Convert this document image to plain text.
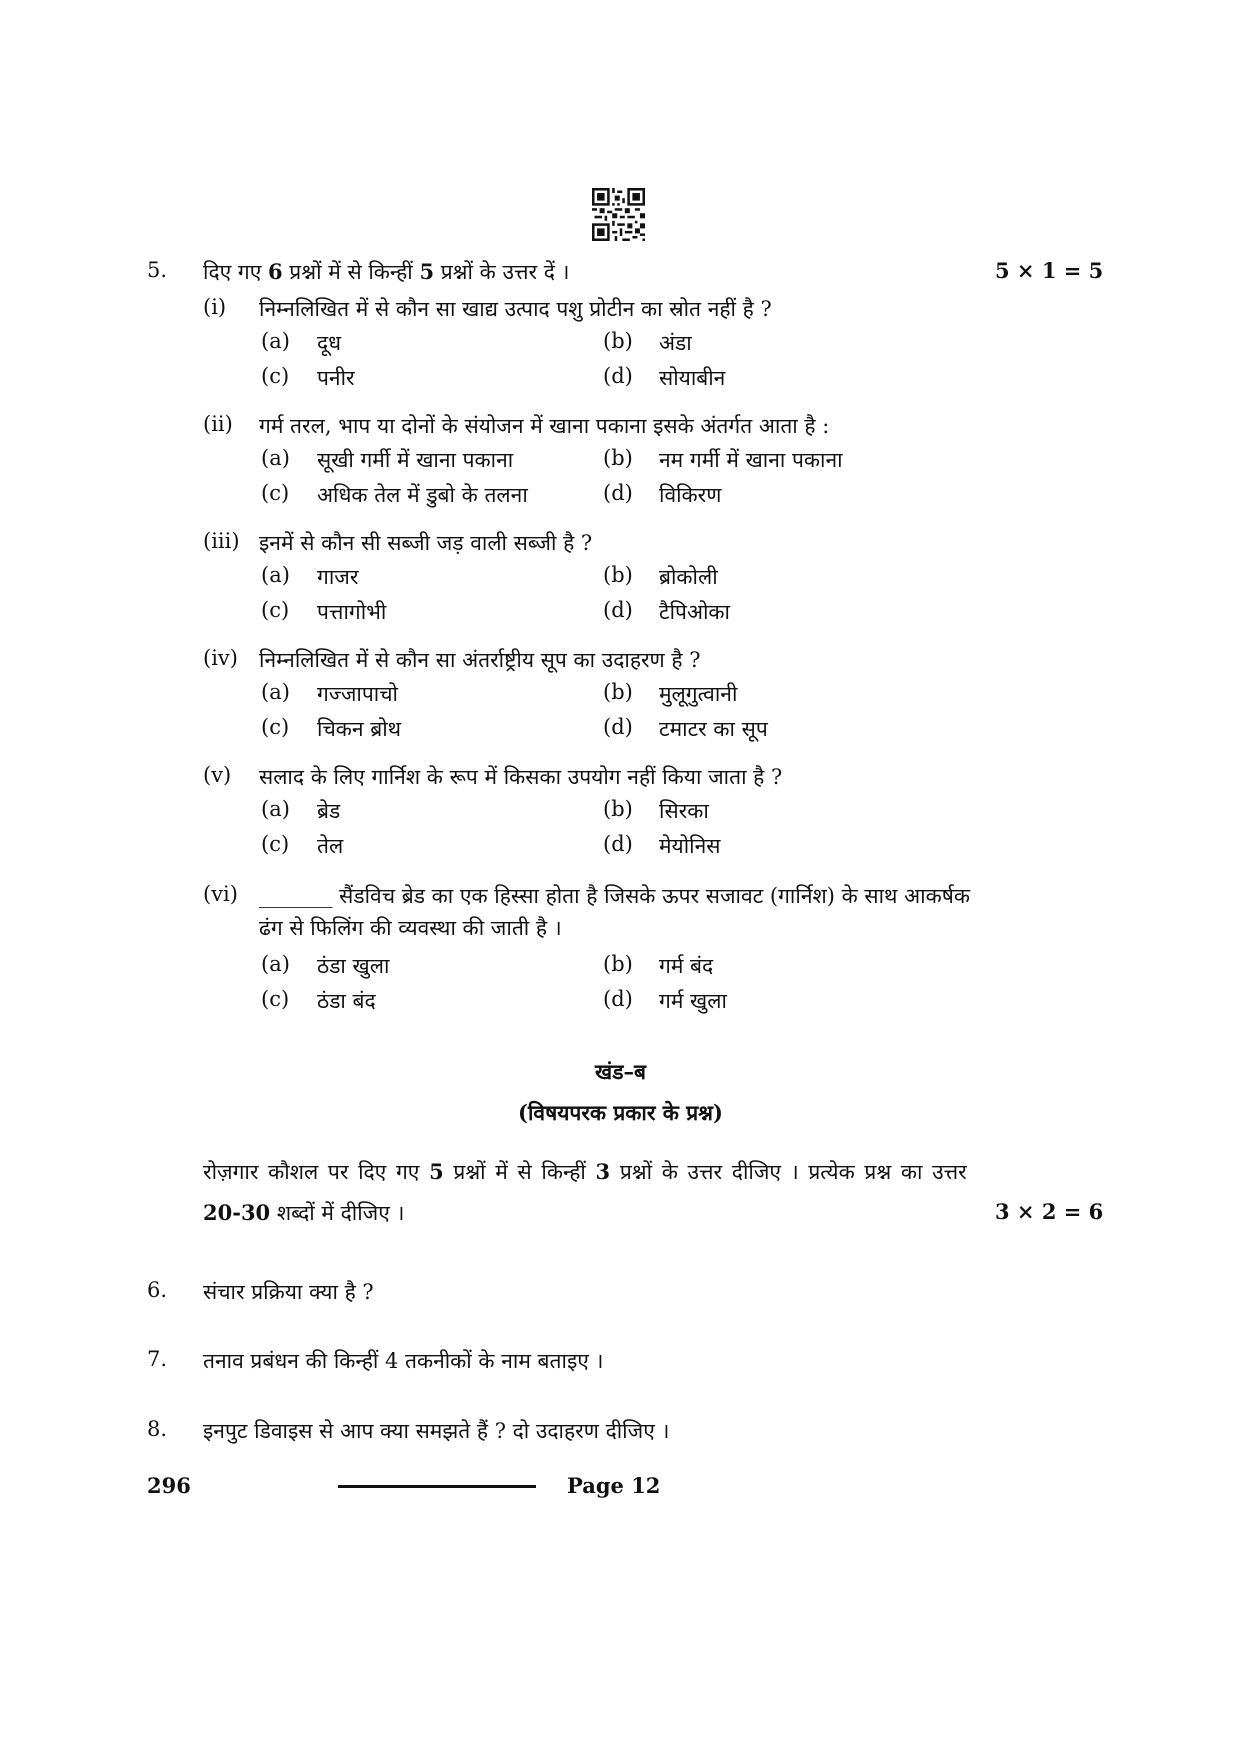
5. दिए गए 6 प्रश्नों में से किन्हीं 5 प्रश्नों के उत्तर दें ।	5 × 1 = 5
(i) निम्नलिखित में से कौन सा खाद्य उत्पाद पशु प्रोटीन का स्रोत नहीं है ?
(a) दूध	(b) अंडा
(c) पनीर	(d) सोयाबीन
(ii) गर्म तरल, भाप या दोनों के संयोजन में खाना पकाना इसके अंतर्गत आता है :
(a) सूखी गर्मी में खाना पकाना	(b) नम गर्मी में खाना पकाना
(c) अधिक तेल में डुबो के तलना	(d) विकिरण
(iii) इनमें से कौन सी सब्जी जड़ वाली सब्जी है ?
(a) गाजर	(b) ब्रोकोली
(c) पत्तागोभी	(d) टैपिओका
(iv) निम्नलिखित में से कौन सा अंतर्राष्ट्रीय सूप का उदाहरण है ?
(a) गज्जापाचो	(b) मुलूगुत्वानी
(c) चिकन ब्रोथ	(d) टमाटर का सूप
(v) सलाद के लिए गार्निश के रूप में किसका उपयोग नहीं किया जाता है ?
(a) ब्रेड	(b) सिरका
(c) तेल	(d) मेयोनिस
(vi) _______ सैंडविच ब्रेड का एक हिस्सा होता है जिसके ऊपर सजावट (गार्निश) के साथ आकर्षक
ढंग से फिलिंग की व्यवस्था की जाती है ।
(a) ठंडा खुला	(b) गर्म बंद
(c) ठंडा बंद	(d) गर्म खुला
खंड–ब
(विषयपरक प्रकार के प्रश्न)
रोज़गार कौशल पर दिए गए 5 प्रश्नों में से किन्हीं 3 प्रश्नों के उत्तर दीजिए । प्रत्येक प्रश्न का उत्तर
20-30 शब्दों में दीजिए ।	3 × 2 = 6
6. संचार प्रक्रिया क्या है ?
7. तनाव प्रबंधन की किन्हीं 4 तकनीकों के नाम बताइए ।
8. इनपुट डिवाइस से आप क्या समझते हैं ? दो उदाहरण दीजिए ।
296	Page 12
